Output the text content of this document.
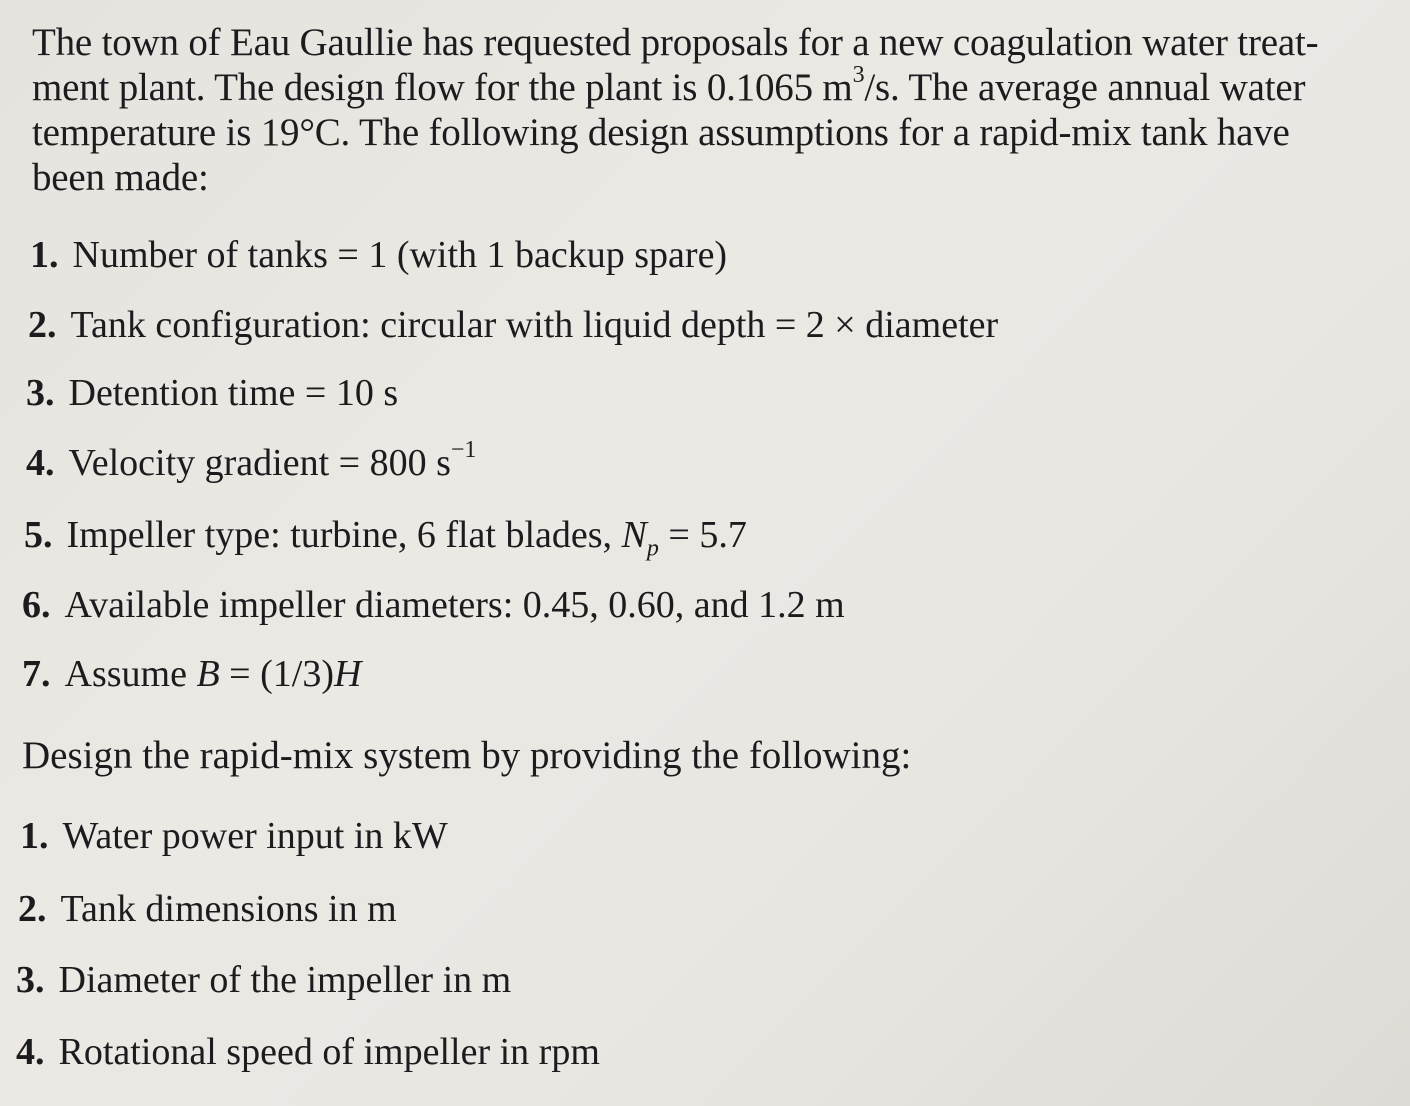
The town of Eau Gaullie has requested proposals for a new coagulation water treat-
ment plant. The design flow for the plant is 0.1065 $m^3/s$. The average annual water
temperature is 19°C. The following design assumptions for a rapid-mix tank have
been made:
1. Number of tanks = 1 (with 1 backup spare)
2. Tank configuration: circular with liquid depth = 2 × diameter
3. Detention time = 10 s
4. Velocity gradient = 800 $s^{-1}$
5. Impeller type: turbine, 6 flat blades, $N_p = 5.7$
6. Available impeller diameters: 0.45, 0.60, and 1.2 m
7. Assume B = (1/3)H
Design the rapid-mix system by providing the following:
1. Water power input in kW
2. Tank dimensions in m
3. Diameter of the impeller in m
4. Rotational speed of impeller in rpm
